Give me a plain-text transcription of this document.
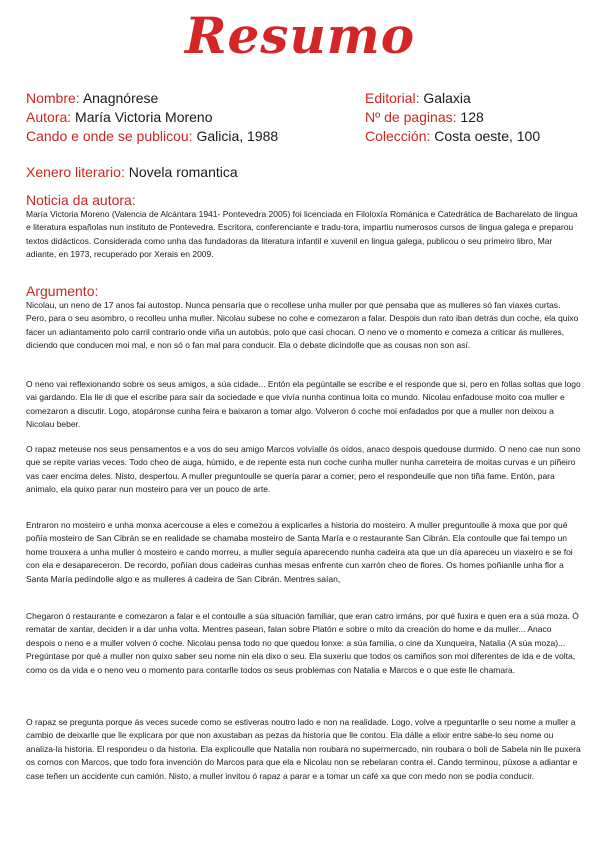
Resumo
Nombre: Anagnórese
Autora: María Victoria Moreno
Cando e onde se publicou: Galicia, 1988
Editorial: Galaxia
Nº de paginas: 128
Colección: Costa oeste, 100
Xenero literario: Novela romantica
Noticia da autora:

María Victoria Moreno (Valencia de Alcántara 1941- Pontevedra 2005) foi licenciada en Filoloxía Románica e Catedrática de Bacharelato de lingua e literatura españolas nun instituto de Pontevedra. Escritora, conferenciante e tradu-tora, impartiu numerosos cursos de lingua galega e preparou textos didácticos. Considerada como unha das fundadoras da literatura infantil e xuvenil en lingua galega, publicou o seu primeiro libro, Mar adiante, en 1973, recuperado por Xerais en 2009.

Argumento:

Nicolau, un neno de 17 anos fai autostop. Nunca pensaría que o recollese unha muller por que pensaba que as mulleres só fan viaxes curtas. Pero, para o seu asombro, o recolleu unha muller. Nicolau subese no cohe e comezaron a falar. Despois dun rato iban detrás dun coche, ela quixo facer un adiantamento polo carril contrario onde viña un autobús, polo que casi chocan. O neno ve o momento e comeza a criticar ás mulleres, diciendo que conducen moi mal, e non só o fan mal para conducir. Ela o debate dicíndolle que as cousas non son así.

O neno vai reflexionando sobre os seus amigos, a súa cidade... Entón ela pegúntalle se escribe e el responde que si, pero en follas soltas que logo vai gardando. Ela lle di que el escribe para saír da sociedade e que vivía nunha continua loita co mundo. Nicolau enfadouse moito coa muller e comezaron a discutir. Logo, atopáronse cunha feira e baixaron a tomar algo. Volveron ó coche moi enfadados por que a muller non deixou a Nicolau beber.

O rapaz meteuse nos seus pensamentos e a vos do seu amigo Marcos volvíalle ós oídos, anaco despois quedouse durmido. O neno cae nun sono que se repite varias veces. Todo cheo de auga, húmido, e de repente esta nun coche cunha muller nunha carreteira de moitas curvas e un piñeiro vas caer encima deles. Nisto, despertou. A muller preguntoulle se quería parar a comer, pero el respondeulle que non tiña fame. Entón, para animalo, ela quixo parar nun mosteiro para ver un pouco de arte.

Entraron no mosteiro e unha monxa acercouse a eles e comezou a explicarles a historia do mosteiro. A muller preguntoulle á moxa que por qué poñía mosteiro de San Cibrán se en realidade se chamaba mosteiro de Santa María e o restaurante San Cibrán. Ela contoulle que fai tempo un home trouxera a unha muller ó mosteiro e cando morreu, a muller seguía aparecendo nunha cadeira ata que un día apareceu un viaxeiro e se foi con ela e desapareceron. De recordo, poñían dous cadeiras cunhas mesas enfrente cun xarrón cheo de flores. Os homes poñianlle unha flor a Santa María pedíndolle algo e as mulleres á cadeira de San Cibrán. Mentres saían,

Chegaron ó restaurante e comezaron a falar e el contoulle a súa situación familiar, que eran catro irmáns, por qué fuxira e quen era a súa moza. Ó rematar de xantar, deciden ir a dar unha volta. Mentres pasean, falan sobre Platón e sobre o mito da creación do home e da muller... Anaco despois o neno e a muller volven ó coche. Nicolau pensa todo no que quedou lonxe: a súa familia, o cine da Xunqueira, Natalia (A súa moza)... Pregúntase por qué a muller non quixo saber seu nome nin ela dixo o seu. Ela suxeriu que todos os camiños son moi diferentes de ida e de volta, como os da vida e o neno veu o momento para contarlle todos os seus problemas con Natalia e Marcos e o que este lle chamara.

O rapaz se pregunta porque ás veces sucede como se estiveras noutro lado e non na realidade. Logo, volve a rpeguntarlle o seu nome a muller a cambio de deixarlle que lle explicara por que non axustaban as pezas da historia que lle contou. Ela dálle a elixir entre sabe-lo seu nome ou analiza-la historia. El respondeu o da historia. Ela explicoulle que Natalia non roubara no supermercado, nin roubara o boli de Sabela nin lle puxera os cornos con Marcos, que todo fora invención do Marcos para que ela e Nicolau non se rebelaran contra el. Cando terminou, púxose a adiantar e case teñen un accidente cun camión. Nisto, a muller invitou ó rapaz a parar e a tomar un café xa que con medo non se podía conducir.
